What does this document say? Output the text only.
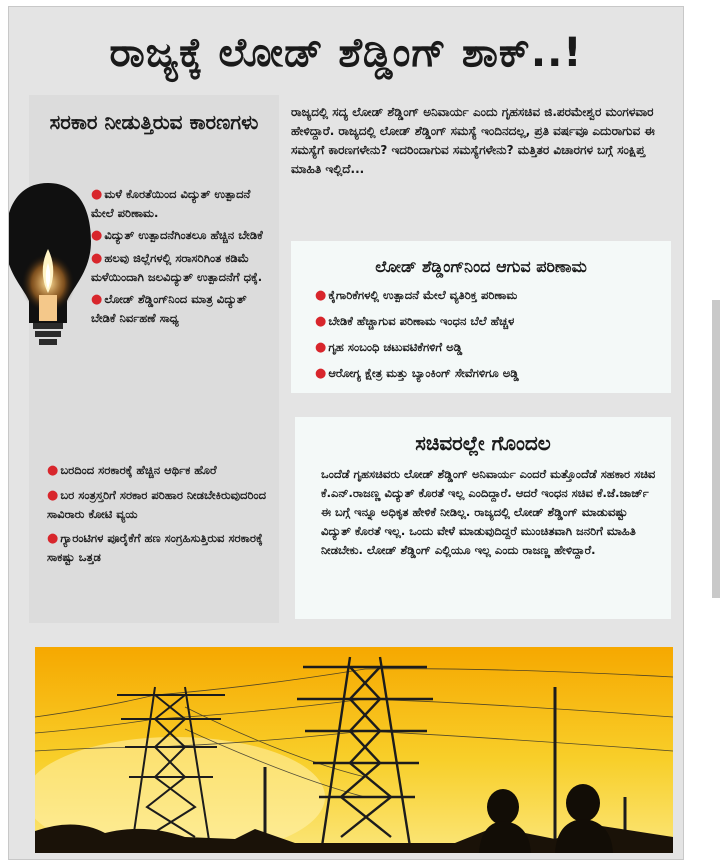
ರಾಜ್ಯಕ್ಕೆ ಲೋಡ್ ಶೆಡ್ಡಿಂಗ್ ಶಾಕ್..!
ಸರಕಾರ ನೀಡುತ್ತಿರುವ ಕಾರಣಗಳು
● ಮಳೆ ಕೊರತೆಯಿಂದ ವಿದ್ಯುತ್ ಉತ್ಪಾದನೆ ಮೇಲೆ ಪರಿಣಾಮ.
● ವಿದ್ಯುತ್ ಉತ್ಪಾದನೆಗಿಂತಲೂ ಹೆಚ್ಚಿನ ಬೇಡಿಕೆ
● ಹಲವು ಜಿಲ್ಲೆಗಳಲ್ಲಿ ಸರಾಸರಿಗಿಂತ ಕಡಿಮೆ ಮಳೆಯಿಂದಾಗಿ ಜಲವಿದ್ಯುತ್ ಉತ್ಪಾದನೆಗೆ ಧಕ್ಕೆ.
● ಲೋಡ್ ಶೆಡ್ಡಿಂಗ್‌ನಿಂದ ಮಾತ್ರ ವಿದ್ಯುತ್ ಬೇಡಿಕೆ ನಿರ್ವಹಣೆ ಸಾಧ್ಯ
● ಬರದಿಂದ ಸರಕಾರಕ್ಕೆ ಹೆಚ್ಚಿನ ಆರ್ಥಿಕ ಹೊರೆ
● ಬರ ಸಂತ್ರಸ್ತರಿಗೆ ಸರಕಾರ ಪರಿಹಾರ ನೀಡಬೇಕಿರುವುದರಿಂದ ಸಾವಿರಾರು ಕೋಟಿ ವ್ಯಯ
● ಗ್ಯಾರಂಟಿಗಳ ಪೂರೈಕೆಗೆ ಹಣ ಸಂಗ್ರಹಿಸುತ್ತಿರುವ ಸರಕಾರಕ್ಕೆ ಸಾಕಷ್ಟು ಒತ್ತಡ
ರಾಜ್ಯದಲ್ಲಿ ಸದ್ಯ ಲೋಡ್ ಶೆಡ್ಡಿಂಗ್ ಅನಿವಾರ್ಯ ಎಂದು ಗೃಹಸಚಿವ ಜಿ.ಪರಮೇಶ್ವರ ಮಂಗಳವಾರ ಹೇಳಿದ್ದಾರೆ. ರಾಜ್ಯದಲ್ಲಿ ಲೋಡ್ ಶೆಡ್ಡಿಂಗ್ ಸಮಸ್ಯೆ ಇಂದಿನದಲ್ಲ, ಪ್ರತಿ ವರ್ಷವೂ ಎದುರಾಗುವ ಈ ಸಮಸ್ಯೆಗೆ ಕಾರಣಗಳೇನು? ಇದರಿಂದಾಗುವ ಸಮಸ್ಯೆಗಳೇನು? ಮತ್ತಿತರ ವಿಚಾರಗಳ ಬಗ್ಗೆ ಸಂಕ್ಷಿಪ್ತ ಮಾಹಿತಿ ಇಲ್ಲಿದೆ...
ಲೋಡ್ ಶೆಡ್ಡಿಂಗ್‌ನಿಂದ ಆಗುವ ಪರಿಣಾಮ
● ಕೈಗಾರಿಕೆಗಳಲ್ಲಿ ಉತ್ಪಾದನೆ ಮೇಲೆ ವ್ಯತಿರಿಕ್ತ ಪರಿಣಾಮ
● ಬೇಡಿಕೆ ಹೆಚ್ಚಾಗುವ ಪರಿಣಾಮ ಇಂಧನ ಬೆಲೆ ಹೆಚ್ಚಳ
● ಗೃಹ ಸಂಬಂಧಿ ಚಟುವಟಿಕೆಗಳಿಗೆ ಅಡ್ಡಿ
● ಆರೋಗ್ಯ ಕ್ಷೇತ್ರ ಮತ್ತು ಬ್ಯಾಂಕಿಂಗ್ ಸೇವೆಗಳಿಗೂ ಅಡ್ಡಿ
ಸಚಿವರಲ್ಲೇ ಗೊಂದಲ
ಒಂದೆಡೆ ಗೃಹಸಚಿವರು ಲೋಡ್ ಶೆಡ್ಡಿಂಗ್ ಅನಿವಾರ್ಯ ಎಂದರೆ ಮತ್ತೊಂದೆಡೆ ಸಹಕಾರ ಸಚಿವ ಕೆ.ಎನ್.ರಾಜಣ್ಣ ವಿದ್ಯುತ್ ಕೊರತೆ ಇಲ್ಲ ಎಂದಿದ್ದಾರೆ. ಆದರೆ ಇಂಧನ ಸಚಿವ ಕೆ.ಜೆ.ಜಾರ್ಜ್ ಈ ಬಗ್ಗೆ ಇನ್ನೂ ಅಧಿಕೃತ ಹೇಳಿಕೆ ನೀಡಿಲ್ಲ. ರಾಜ್ಯದಲ್ಲಿ ಲೋಡ್ ಶೆಡ್ಡಿಂಗ್ ಮಾಡುವಷ್ಟು ವಿದ್ಯುತ್ ಕೊರತೆ ಇಲ್ಲ. ಒಂದು ವೇಳೆ ಮಾಡುವುದಿದ್ದರೆ ಮುಂಚಿತವಾಗಿ ಜನರಿಗೆ ಮಾಹಿತಿ ನೀಡಬೇಕು. ಲೋಡ್ ಶೆಡ್ಡಿಂಗ್ ಎಲ್ಲಿಯೂ ಇಲ್ಲ ಎಂದು ರಾಜಣ್ಣ ಹೇಳಿದ್ದಾರೆ.
